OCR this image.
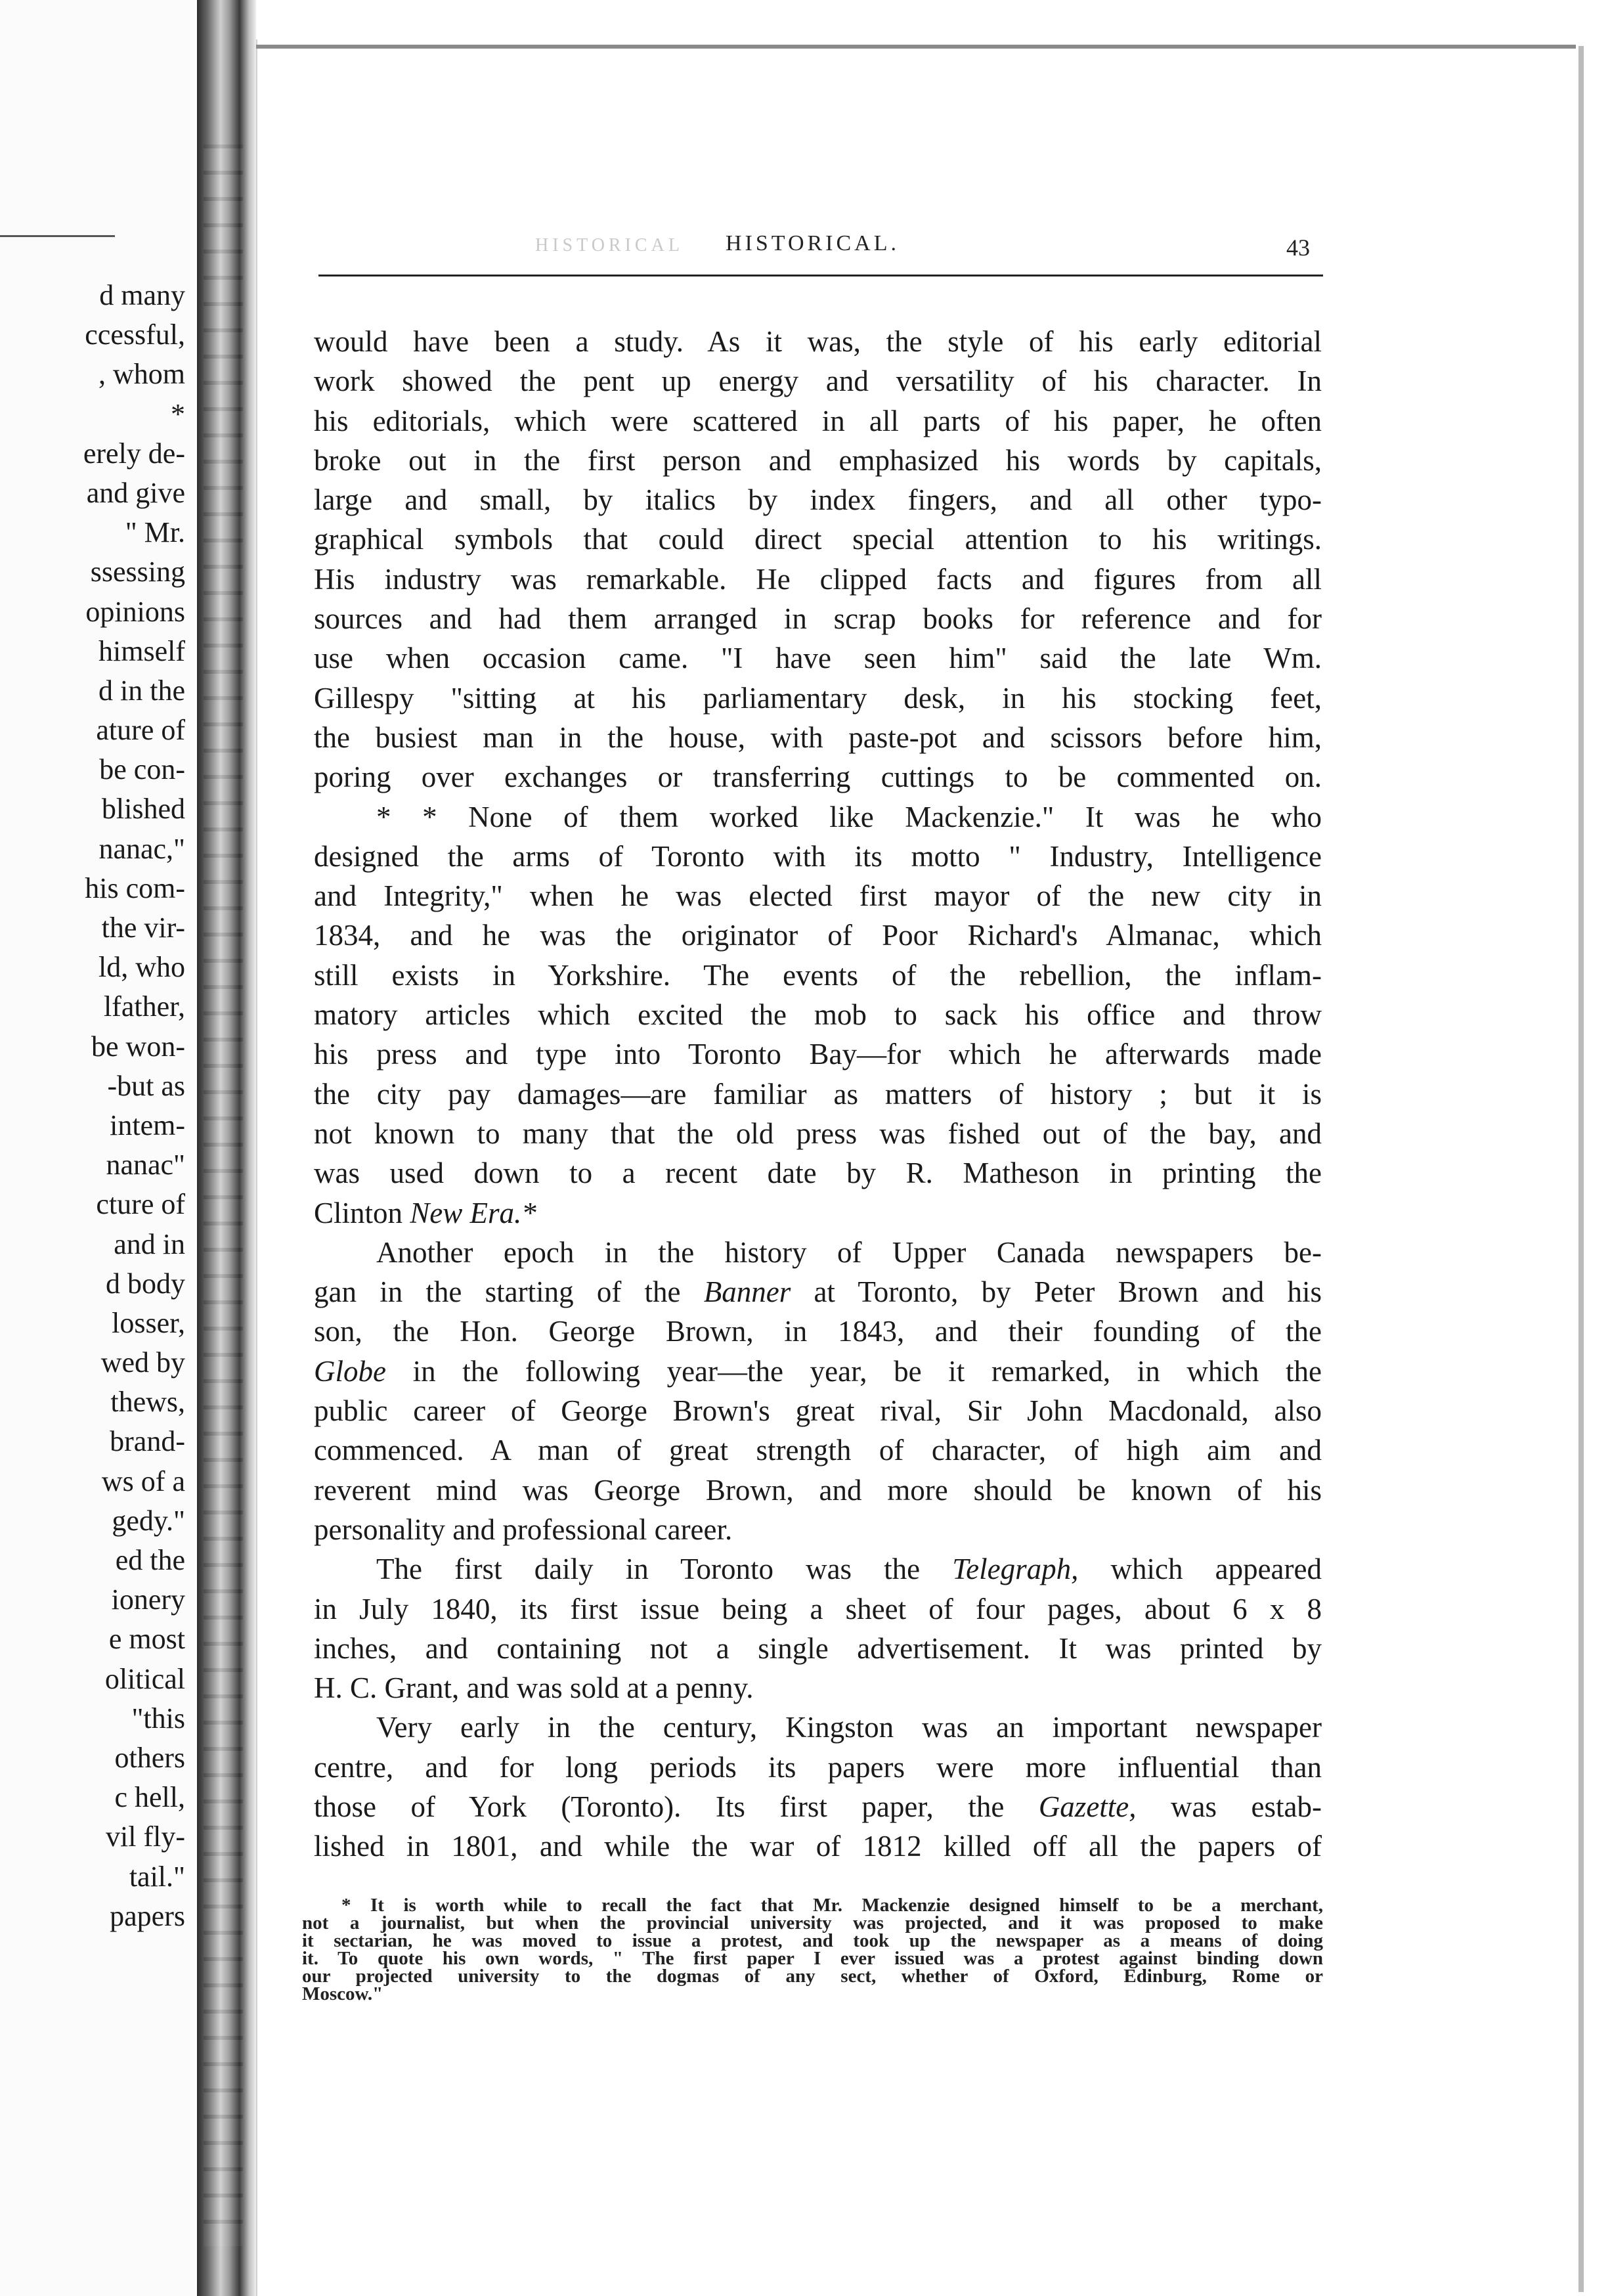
d many
ccessful,
, whom
*
erely de-
and give
" Mr.
ssessing
opinions
himself
d in the
ature of
be con-
blished
nanac,"
his com-
the vir-
ld, who
lfather,
be won-
-but as
intem-
nanac"
cture of
and in
d body
losser,
wed by
thews,
brand-
ws of a
gedy."
ed the
ionery
e most
olitical
"this
others
c hell,
vil fly-
tail."
papers
HISTORICAL HISTORICAL.	43
would have been a study. As it was, the style of his early editorial
work showed the pent up energy and versatility of his character. In
his editorials, which were scattered in all parts of his paper, he often
broke out in the first person and emphasized his words by capitals,
large and small, by italics by index fingers, and all other typo-
graphical symbols that could direct special attention to his writings.
His industry was remarkable. He clipped facts and figures from all
sources and had them arranged in scrap books for reference and for
use when occasion came. "I have seen him" said the late Wm.
Gillespy "sitting at his parliamentary desk, in his stocking feet,
the busiest man in the house, with paste-pot and scissors before him,
poring over exchanges or transferring cuttings to be commented on.
* * None of them worked like Mackenzie." It was he who
designed the arms of Toronto with its motto " Industry, Intelligence
and Integrity," when he was elected first mayor of the new city in
1834, and he was the originator of Poor Richard's Almanac, which
still exists in Yorkshire. The events of the rebellion, the inflam-
matory articles which excited the mob to sack his office and throw
his press and type into Toronto Bay—for which he afterwards made
the city pay damages—are familiar as matters of history ; but it is
not known to many that the old press was fished out of the bay, and
was used down to a recent date by R. Matheson in printing the
Clinton New Era.*
Another epoch in the history of Upper Canada newspapers be-
gan in the starting of the Banner at Toronto, by Peter Brown and his
son, the Hon. George Brown, in 1843, and their founding of the
Globe in the following year—the year, be it remarked, in which the
public career of George Brown's great rival, Sir John Macdonald, also
commenced. A man of great strength of character, of high aim and
reverent mind was George Brown, and more should be known of his
personality and professional career.
The first daily in Toronto was the Telegraph, which appeared
in July 1840, its first issue being a sheet of four pages, about 6 x 8
inches, and containing not a single advertisement. It was printed by
H. C. Grant, and was sold at a penny.
Very early in the century, Kingston was an important newspaper
centre, and for long periods its papers were more influential than
those of York (Toronto). Its first paper, the Gazette, was estab-
lished in 1801, and while the war of 1812 killed off all the papers of
* It is worth while to recall the fact that Mr. Mackenzie designed himself to be a merchant,
not a journalist, but when the provincial university was projected, and it was proposed to make
it sectarian, he was moved to issue a protest, and took up the newspaper as a means of doing
it. To quote his own words, " The first paper I ever issued was a protest against binding down
our projected university to the dogmas of any sect, whether of Oxford, Edinburg, Rome or
Moscow."
